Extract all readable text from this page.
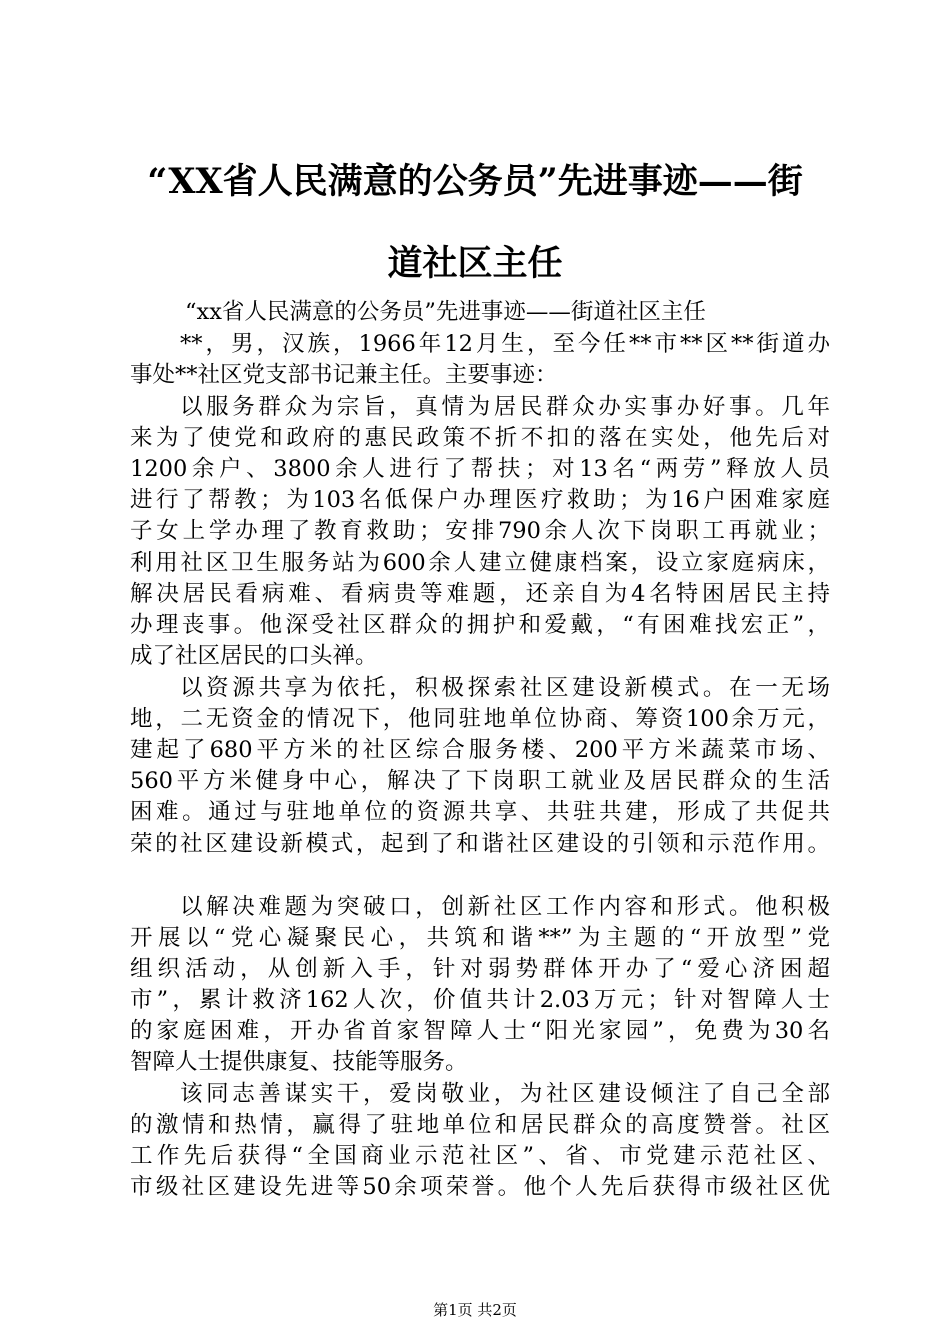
“XX省人民满意的公务员”先进事迹——街
道社区主任
“xx省人民满意的公务员”先进事迹——街道社区主任
**，男，汉族，1966年12月生，至今任**市**区**街道办
事处**社区党支部书记兼主任。主要事迹：
以服务群众为宗旨，真情为居民群众办实事办好事。几年
来为了使党和政府的惠民政策不折不扣的落在实处，他先后对
1200余户、3800余人进行了帮扶；对13名“两劳”释放人员
进行了帮教；为103名低保户办理医疗救助；为16户困难家庭
子女上学办理了教育救助；安排790余人次下岗职工再就业；
利用社区卫生服务站为600余人建立健康档案，设立家庭病床，
解决居民看病难、看病贵等难题，还亲自为4名特困居民主持
办理丧事。他深受社区群众的拥护和爱戴，“有困难找宏正”，
成了社区居民的口头禅。
以资源共享为依托，积极探索社区建设新模式。在一无场
地，二无资金的情况下，他同驻地单位协商、筹资100余万元，
建起了680平方米的社区综合服务楼、200平方米蔬菜市场、
560平方米健身中心，解决了下岗职工就业及居民群众的生活
困难。通过与驻地单位的资源共享、共驻共建，形成了共促共
荣的社区建设新模式，起到了和谐社区建设的引领和示范作用。
以解决难题为突破口，创新社区工作内容和形式。他积极
开展以“党心凝聚民心，共筑和谐**”为主题的“开放型”党
组织活动，从创新入手，针对弱势群体开办了“爱心济困超
市”，累计救济162人次，价值共计2.03万元；针对智障人士
的家庭困难，开办省首家智障人士“阳光家园”，免费为30名
智障人士提供康复、技能等服务。
该同志善谋实干，爱岗敬业，为社区建设倾注了自己全部
的激情和热情，赢得了驻地单位和居民群众的高度赞誉。社区
工作先后获得“全国商业示范社区”、省、市党建示范社区、
市级社区建设先进等50余项荣誉。他个人先后获得市级社区优
第1页 共2页
